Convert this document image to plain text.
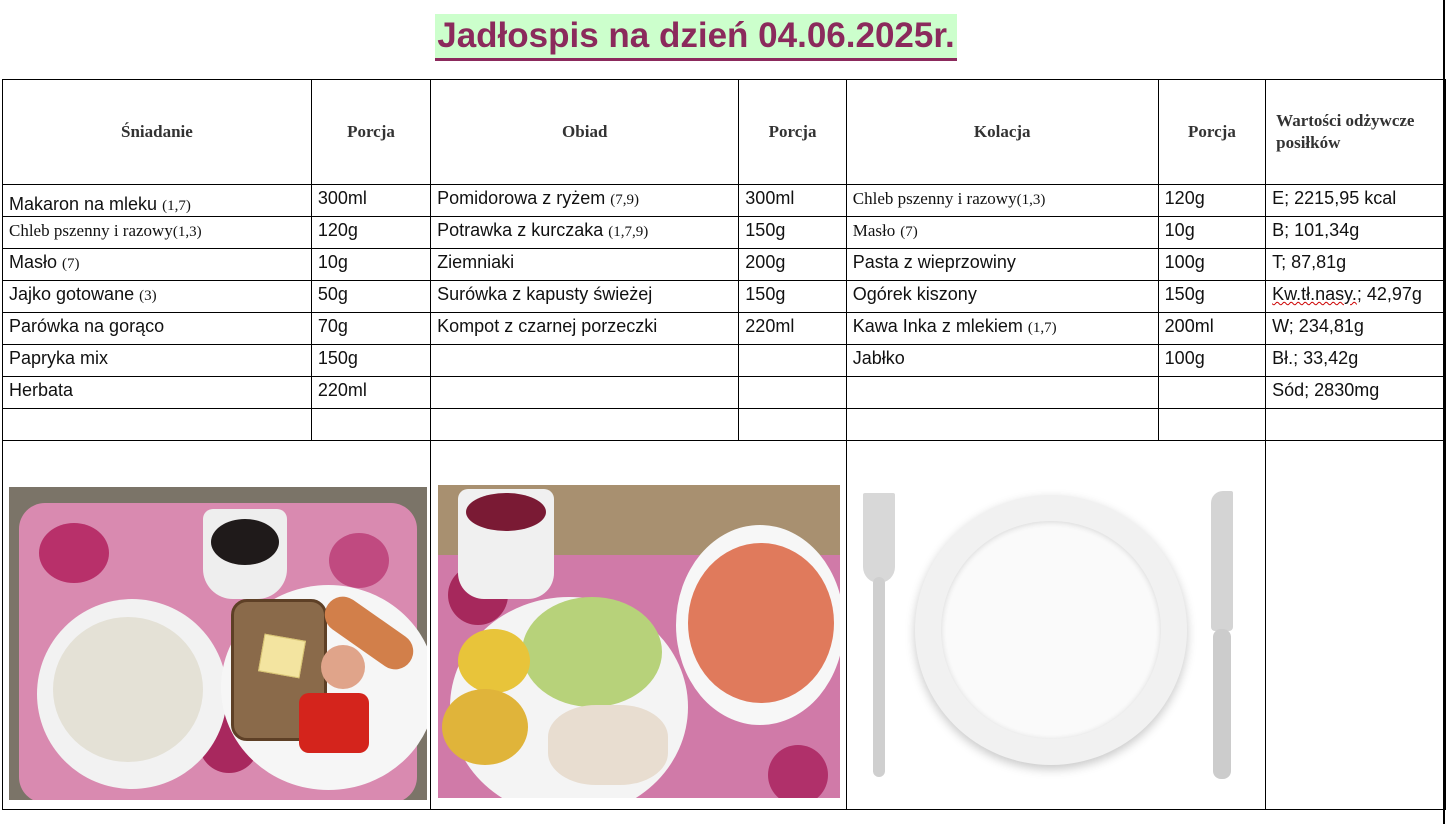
Jadłospis na dzień 04.06.2025r.
Śniadanie	Porcja	Obiad	Porcja	Kolacja	Porcja	Wartości odżywcze posiłków
Makaron na mleku $_{(1,7)}$	300ml	Pomidorowa z ryżem (7,9)	300ml	Chleb pszenny i razowy(1,3)	120g	E; 2215,95 kcal
Chleb pszenny i razowy(1,3)	120g	Potrawka z kurczaka (1,7,9)	150g	Masło (7)	10g	B; 101,34g
Masło (7)	10g	Ziemniaki	200g	Pasta z wieprzowiny	100g	T; 87,81g
Jajko gotowane (3)	50g	Surówka z kapusty świeżej	150g	Ogórek kiszony	150g	Kw.tł.nasy.; 42,97g
Parówka na gorąco	70g	Kompot z czarnej porzeczki	220ml	Kawa Inka z mlekiem (1,7)	200ml	W; 234,81g
Papryka mix	150g			Jabłko	100g	Bł.; 33,42g
Herbata	220ml					Sód; 2830mg
